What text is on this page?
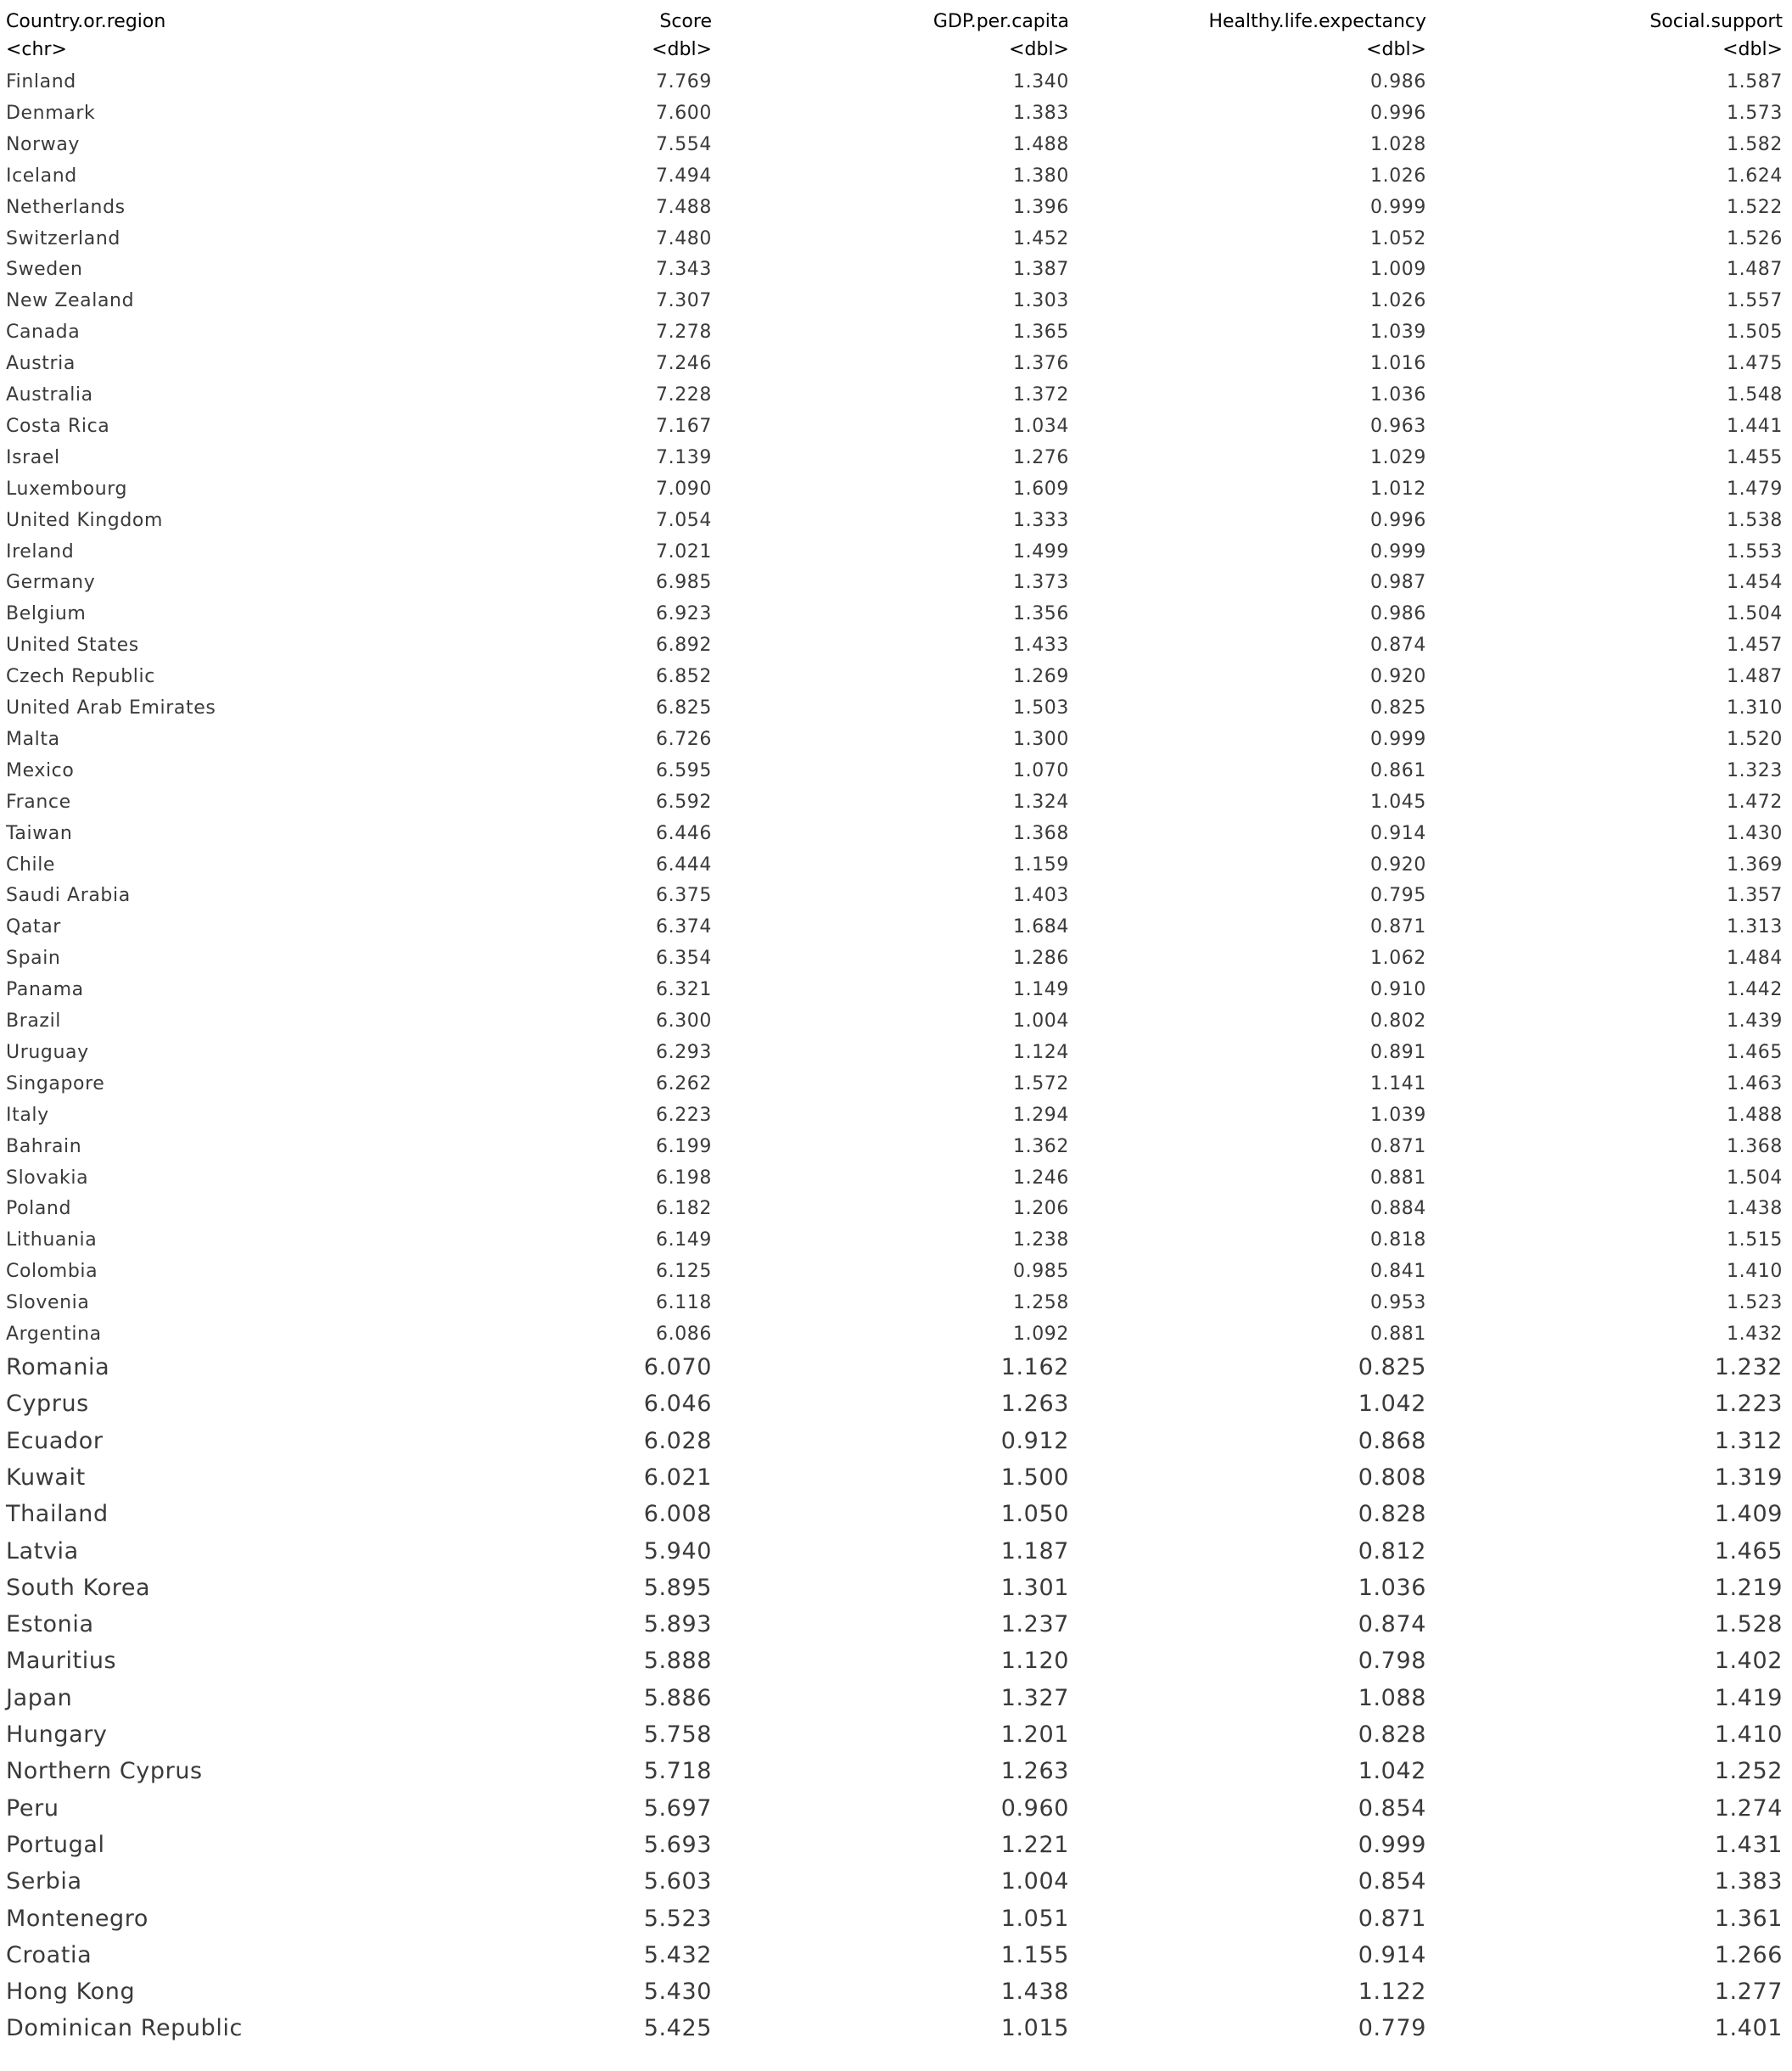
Country.or.region	Score	GDP.per.capita	Healthy.life.expectancy	Social.support
<chr>	<dbl>	<dbl>	<dbl>	<dbl>
Finland	7.769	1.340	0.986	1.587
Denmark	7.600	1.383	0.996	1.573
Norway	7.554	1.488	1.028	1.582
Iceland	7.494	1.380	1.026	1.624
Netherlands	7.488	1.396	0.999	1.522
Switzerland	7.480	1.452	1.052	1.526
Sweden	7.343	1.387	1.009	1.487
New Zealand	7.307	1.303	1.026	1.557
Canada	7.278	1.365	1.039	1.505
Austria	7.246	1.376	1.016	1.475
Australia	7.228	1.372	1.036	1.548
Costa Rica	7.167	1.034	0.963	1.441
Israel	7.139	1.276	1.029	1.455
Luxembourg	7.090	1.609	1.012	1.479
United Kingdom	7.054	1.333	0.996	1.538
Ireland	7.021	1.499	0.999	1.553
Germany	6.985	1.373	0.987	1.454
Belgium	6.923	1.356	0.986	1.504
United States	6.892	1.433	0.874	1.457
Czech Republic	6.852	1.269	0.920	1.487
United Arab Emirates	6.825	1.503	0.825	1.310
Malta	6.726	1.300	0.999	1.520
Mexico	6.595	1.070	0.861	1.323
France	6.592	1.324	1.045	1.472
Taiwan	6.446	1.368	0.914	1.430
Chile	6.444	1.159	0.920	1.369
Saudi Arabia	6.375	1.403	0.795	1.357
Qatar	6.374	1.684	0.871	1.313
Spain	6.354	1.286	1.062	1.484
Panama	6.321	1.149	0.910	1.442
Brazil	6.300	1.004	0.802	1.439
Uruguay	6.293	1.124	0.891	1.465
Singapore	6.262	1.572	1.141	1.463
Italy	6.223	1.294	1.039	1.488
Bahrain	6.199	1.362	0.871	1.368
Slovakia	6.198	1.246	0.881	1.504
Poland	6.182	1.206	0.884	1.438
Lithuania	6.149	1.238	0.818	1.515
Colombia	6.125	0.985	0.841	1.410
Slovenia	6.118	1.258	0.953	1.523
Argentina	6.086	1.092	0.881	1.432
Romania	6.070	1.162	0.825	1.232
Cyprus	6.046	1.263	1.042	1.223
Ecuador	6.028	0.912	0.868	1.312
Kuwait	6.021	1.500	0.808	1.319
Thailand	6.008	1.050	0.828	1.409
Latvia	5.940	1.187	0.812	1.465
South Korea	5.895	1.301	1.036	1.219
Estonia	5.893	1.237	0.874	1.528
Mauritius	5.888	1.120	0.798	1.402
Japan	5.886	1.327	1.088	1.419
Hungary	5.758	1.201	0.828	1.410
Northern Cyprus	5.718	1.263	1.042	1.252
Peru	5.697	0.960	0.854	1.274
Portugal	5.693	1.221	0.999	1.431
Serbia	5.603	1.004	0.854	1.383
Montenegro	5.523	1.051	0.871	1.361
Croatia	5.432	1.155	0.914	1.266
Hong Kong	5.430	1.438	1.122	1.277
Dominican Republic	5.425	1.015	0.779	1.401
